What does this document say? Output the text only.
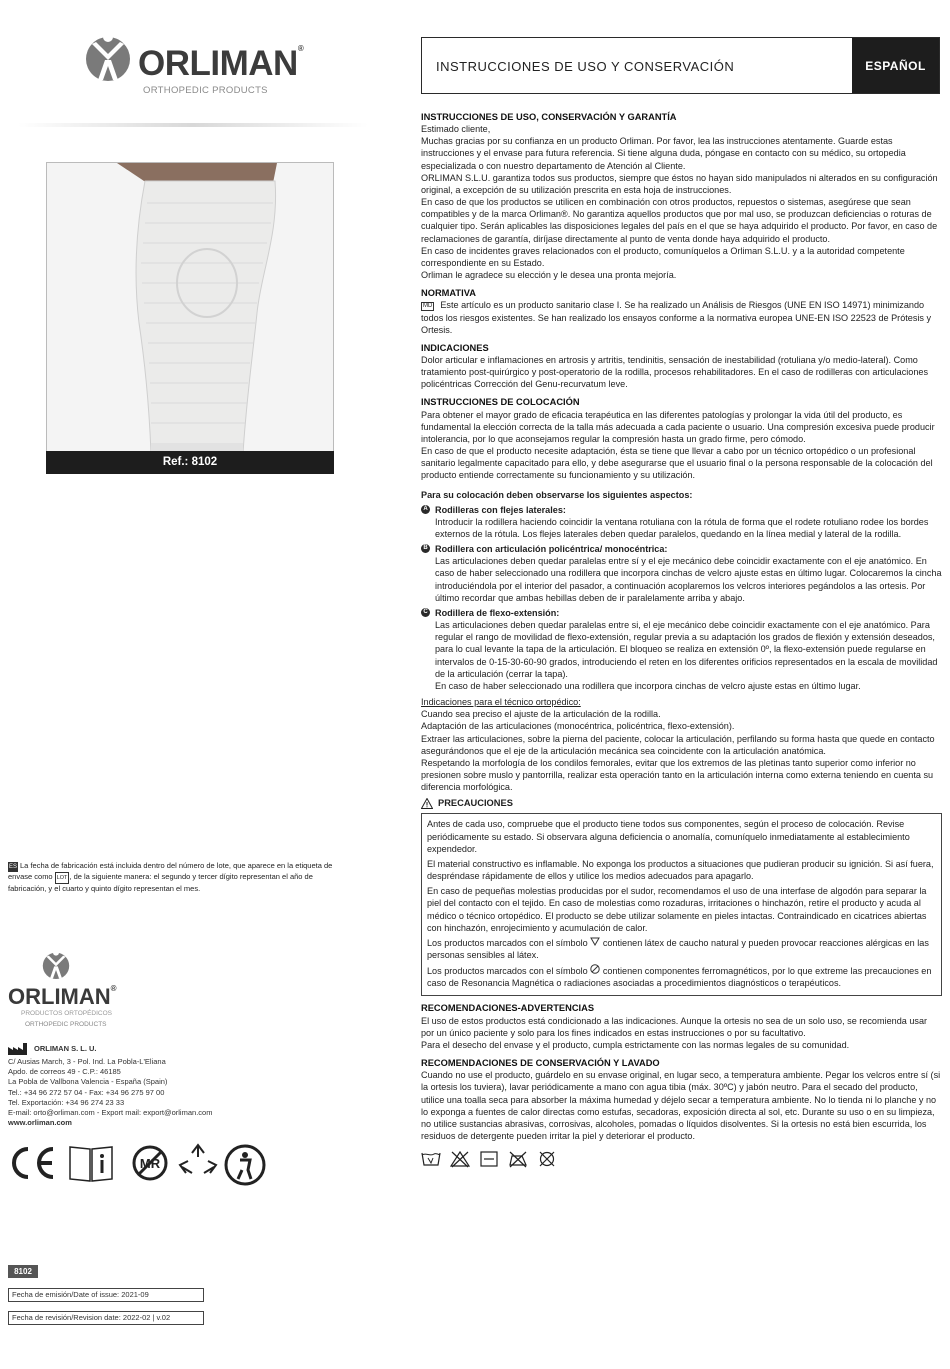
ORLIMAN®
ORTHOPEDIC PRODUCTS
INSTRUCCIONES DE USO Y CONSERVACIÓN	ESPAÑOL
Ref.: 8102
INSTRUCCIONES DE USO, CONSERVACIÓN Y GARANTÍA

Estimado cliente,

Muchas gracias por su confianza en un producto Orliman. Por favor, lea las instrucciones atentamente. Guarde estas instrucciones y el envase para futura referencia. Si tiene alguna duda, póngase en contacto con su médico, su ortopedia especializada o con nuestro departamento de Atención al Cliente.

ORLIMAN S.L.U. garantiza todos sus productos, siempre que éstos no hayan sido manipulados ni alterados en su configuración original, a excepción de su utilización prescrita en esta hoja de instrucciones.

En caso de que los productos se utilicen en combinación con otros productos, repuestos o sistemas, asegúrese que sean compatibles y de la marca Orliman®. No garantiza aquellos productos que por mal uso, se produzcan deficiencias o roturas de cualquier tipo. Serán aplicables las disposiciones legales del país en el que se haya adquirido el producto. Por favor, en caso de reclamaciones de garantía, diríjase directamente al punto de venta donde haya adquirido el producto.

En caso de incidentes graves relacionados con el producto, comuníquelos a Orliman S.L.U. y a la autoridad competente correspondiente en su Estado.

Orliman le agradece su elección y le desea una pronta mejoría.

NORMATIVA

MD Este artículo es un producto sanitario clase I. Se ha realizado un Análisis de Riesgos (UNE EN ISO 14971) minimizando todos los riesgos existentes. Se han realizado los ensayos conforme a la normativa europea UNE-EN ISO 22523 de Prótesis y Ortesis.

INDICACIONES

Dolor articular e inflamaciones en artrosis y artritis, tendinitis, sensación de inestabilidad (rotuliana y/o medio-lateral). Como tratamiento post-quirúrgico y post-operatorio de la rodilla, procesos rehabilitadores. En el caso de rodilleras con articulaciones policéntricas Corrección del Genu-recurvatum leve.

INSTRUCCIONES DE COLOCACIÓN

Para obtener el mayor grado de eficacia terapéutica en las diferentes patologías y prolongar la vida útil del producto, es fundamental la elección correcta de la talla más adecuada a cada paciente o usuario. Una compresión excesiva puede producir intolerancia, por lo que aconsejamos regular la compresión hasta un grado firme, pero cómodo.

En caso de que el producto necesite adaptación, ésta se tiene que llevar a cabo por un técnico ortopédico o un profesional sanitario legalmente capacitado para ello, y debe asegurarse que el usuario final o la persona responsable de la colocación del producto entiende correctamente su funcionamiento y su utilización.

Para su colocación deben observarse los siguientes aspectos:

A Rodilleras con flejes laterales:

Introducir la rodillera haciendo coincidir la ventana rotuliana con la rótula de forma que el rodete rotuliano rodee los bordes externos de la rótula. Los flejes laterales deben quedar paralelos, quedando en la línea medial y lateral de la rodilla.

B Rodillera con articulación policéntrica/ monocéntrica:

Las articulaciones deben quedar paralelas entre sí y el eje mecánico debe coincidir exactamente con el eje anatómico. En caso de haber seleccionado una rodillera que incorpora cinchas de velcro ajuste estas en último lugar. Colocaremos la cincha introduciéndola por el interior del pasador, a continuación acoplaremos los velcros interiores pegándolos a las ortesis. Por último recordar que ambas hebillas deben de ir paralelamente arriba y abajo.

C Rodillera de flexo-extensión:

Las articulaciones deben quedar paralelas entre si, el eje mecánico debe coincidir exactamente con el eje anatómico. Para regular el rango de movilidad de flexo-extensión, regular previa a su adaptación los grados de flexión y extensión deseados, para lo cual levante la tapa de la articulación. El bloqueo se realiza en extensión 0º, la flexo-extensión puede regularse en intervalos de 0-15-30-60-90 grados, introduciendo el reten en los diferentes orificios representados en la escala de movilidad de la articulación (cerrar la tapa).

En caso de haber seleccionado una rodillera que incorpora cinchas de velcro ajuste estas en último lugar.

Indicaciones para el técnico ortopédico:

Cuando sea preciso el ajuste de la articulación de la rodilla.

Adaptación de las articulaciones (monocéntrica, policéntrica, flexo-extensión).

Extraer las articulaciones, sobre la pierna del paciente, colocar la articulación, perfilando su forma hasta que quede en contacto asegurándonos que el eje de la articulación mecánica sea coincidente con la articulación anatómica.

Respetando la morfología de los condilos femorales, evitar que los extremos de las pletinas tanto superior como inferior no presionen sobre muslo y pantorrilla, realizar esta operación tanto en la articulación interna como externa teniendo en cuenta su diferencia morfológica.

PRECAUCIONES

Antes de cada uso, compruebe que el producto tiene todos sus componentes, según el proceso de colocación. Revise periódicamente su estado. Si observara alguna deficiencia o anomalía, comuníquelo inmediatamente al establecimiento expendedor.

El material constructivo es inflamable. No exponga los productos a situaciones que pudieran producir su ignición. Si así fuera, despréndase rápidamente de ellos y utilice los medios adecuados para apagarlo.

En caso de pequeñas molestias producidas por el sudor, recomendamos el uso de una interfase de algodón para separar la piel del contacto con el tejido. En caso de molestias como rozaduras, irritaciones o hinchazón, retire el producto y acuda al médico o técnico ortopédico. El producto se debe utilizar solamente en pieles intactas. Contraindicado en cicatrices abiertas con hinchazón, enrojecimiento y acumulación de calor.

Los productos marcados con el símbolo contienen látex de caucho natural y pueden provocar reacciones alérgicas en las personas sensibles al látex.

Los productos marcados con el símbolo contienen componentes ferromagnéticos, por lo que extreme las precauciones en caso de Resonancia Magnética o radiaciones asociadas a procedimientos diagnósticos o terapéuticos.

RECOMENDACIONES-ADVERTENCIAS

El uso de estos productos está condicionado a las indicaciones. Aunque la ortesis no sea de un solo uso, se recomienda usar por un único paciente y solo para los fines indicados en estas instrucciones o por su facultativo.

Para el desecho del envase y el producto, cumpla estrictamente con las normas legales de su comunidad.

RECOMENDACIONES DE CONSERVACIÓN Y LAVADO

Cuando no use el producto, guárdelo en su envase original, en lugar seco, a temperatura ambiente. Pegar los velcros entre sí (si la ortesis los tuviera), lavar periódicamente a mano con agua tibia (máx. 30ºC) y jabón neutro. Para el secado del producto, utilice una toalla seca para absorber la máxima humedad y déjelo secar a temperatura ambiente. No lo tienda ni lo planche y no lo exponga a fuentes de calor directas como estufas, secadoras, exposición directa al sol, etc. Durante su uso o en su limpieza, no utilice sustancias abrasivas, corrosivas, alcoholes, pomadas o líquidos disolventes. Si la ortesis no está bien escurrida, los residuos de detergente pueden irritar la piel y deteriorar el producto.

ES La fecha de fabricación está incluida dentro del número de lote, que aparece en la etiqueta de envase como LOT , de la siguiente manera: el segundo y tercer dígito representan el año de fabricación, y el cuarto y quinto dígito representan el mes.
ORLIMAN®
PRODUCTOS ORTOPÉDICOS
ORTHOPEDIC PRODUCTS
ORLIMAN S. L. U.
C/ Ausias March, 3 - Pol. Ind. La Pobla-L'Eliana
Apdo. de correos 49 - C.P.: 46185
La Pobla de Vallbona Valencia - España (Spain)
Tel.: +34 96 272 57 04 - Fax: +34 96 275 97 00
Tel. Exportación: +34 96 274 23 33
E-mail: orto@orliman.com - Export mail: export@orliman.com
www.orliman.com
MR
8102
Fecha de emisión/Date of issue: 2021-09
Fecha de revisión/Revision date: 2022-02 | v.02
